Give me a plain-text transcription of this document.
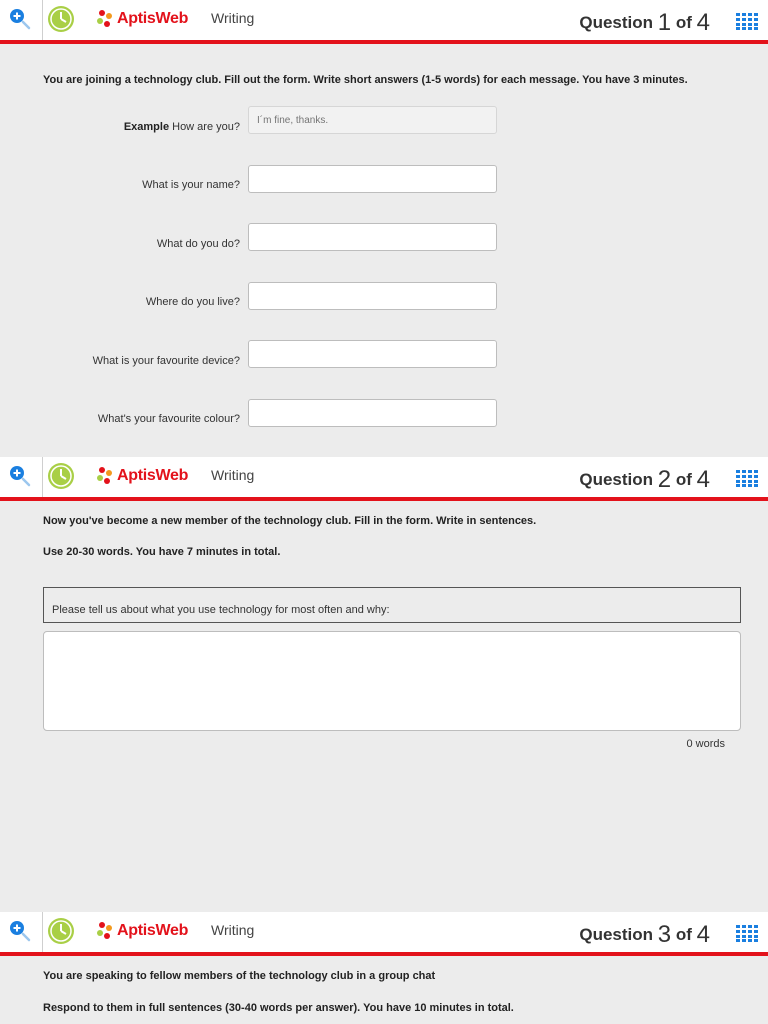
AptisWeb Writing	Question 1 of 4
You are joining a technology club. Fill out the form. Write short answers (1-5 words) for each message. You have 3 minutes.
Example How are you?
I´m fine, thanks.
What is your name?
What do you do?
Where do you live?
What is your favourite device?
What's your favourite colour?
AptisWeb Writing	Question 2 of 4
Now you've become a new member of the technology club. Fill in the form. Write in sentences.
Use 20-30 words. You have 7 minutes in total.
Please tell us about what you use technology for most often and why:
0 words
AptisWeb Writing	Question 3 of 4
You are speaking to fellow members of the technology club in a group chat
Respond to them in full sentences (30-40 words per answer). You have 10 minutes in total.
